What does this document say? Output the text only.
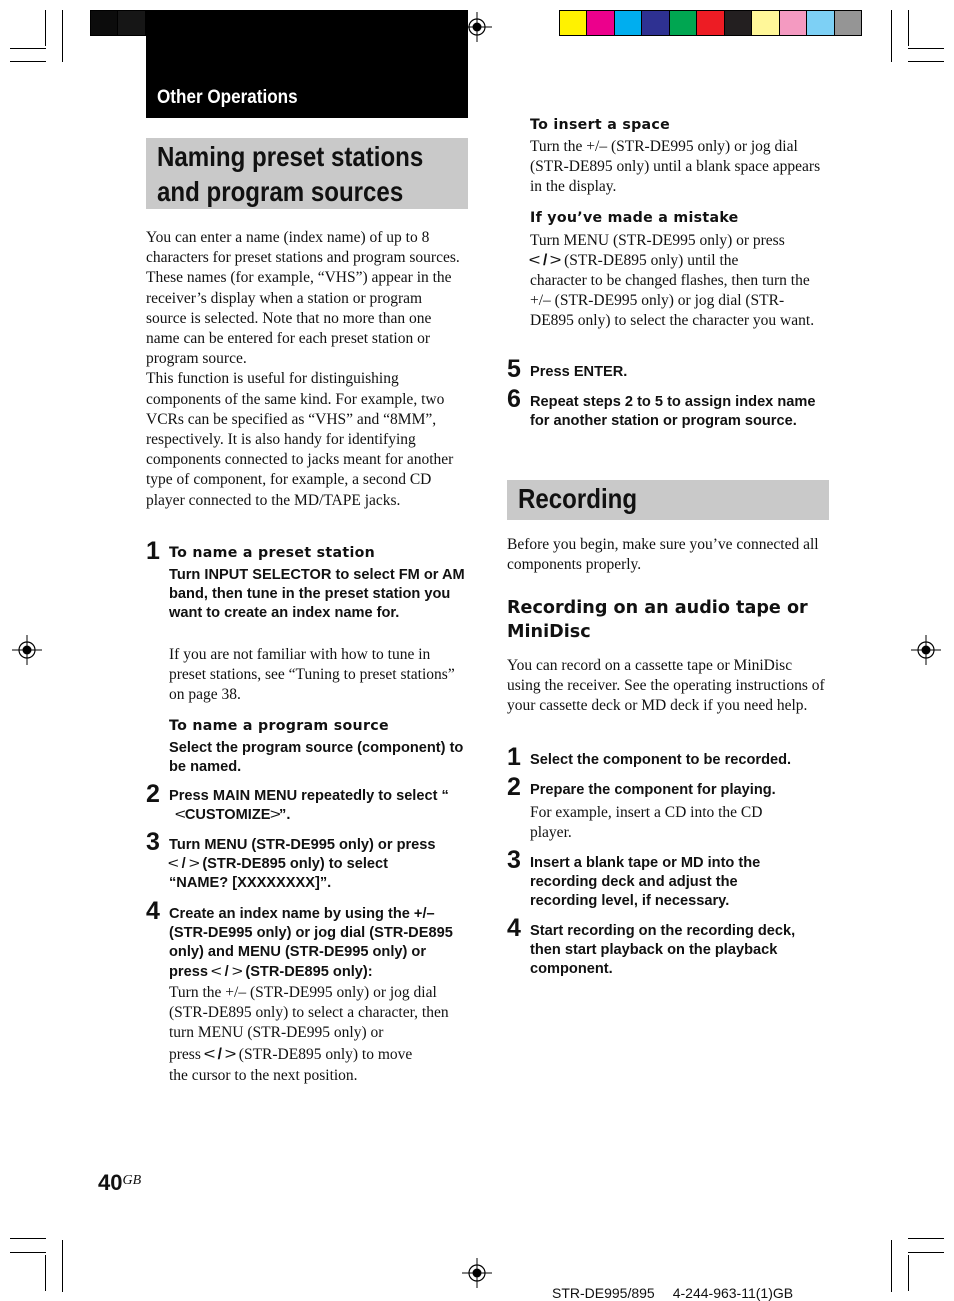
Other Operations
Naming preset stations
and program sources

You can enter a name (index name) of up to 8 characters for preset stations and program sources. These names (for example, “VHS”) appear in the receiver’s display when a station or program source is selected. Note that no more than one name can be entered for each preset station or program source.

This function is useful for distinguishing components of the same kind. For example, two VCRs can be specified as “VHS” and “8MM”, respectively. It is also handy for identifying components connected to jacks meant for another type of component, for example, a second CD player connected to the MD/TAPE jacks.

1 To name a preset station
Turn INPUT SELECTOR to select FM or AM band, then tune in the preset station you want to create an index name for.
If you are not familiar with how to tune in preset stations, see “Tuning to preset stations” on page 38.
To name a program source
Select the program source (component) to be named.
2 Press MAIN MENU repeatedly to select “

<CUSTOMIZE>”.
3 Turn MENU (STR-DE995 only) or press
< / > (STR-DE895 only) to select
“NAME? [XXXXXXXX]”.
4 Create an index name by using the +/– (STR-DE995 only) or jog dial (STR-DE895 only) and MENU (STR-DE995 only) or press < / > (STR-DE895 only):
Turn the +/– (STR-DE995 only) or jog dial (STR-DE895 only) to select a character, then turn MENU (STR-DE995 only) or
press < / > (STR-DE895 only) to move
the cursor to the next position.
To insert a space
Turn the +/– (STR-DE995 only) or jog dial (STR-DE895 only) until a blank space appears in the display.
If you’ve made a mistake
Turn MENU (STR-DE995 only) or press
< / > (STR-DE895 only) until the
character to be changed flashes, then turn the +/– (STR-DE995 only) or jog dial (STR-DE895 only) to select the character you want.
5 Press ENTER.
6 Repeat steps 2 to 5 to assign index name for another station or program source.
Recording
Before you begin, make sure you’ve connected all components properly.
Recording on an audio tape or MiniDisc
You can record on a cassette tape or MiniDisc using the receiver. See the operating instructions of your cassette deck or MD deck if you need help.
1 Select the component to be recorded.
2 Prepare the component for playing.
For example, insert a CD into the CD player.
3 Insert a blank tape or MD into the recording deck and adjust the recording level, if necessary.
4 Start recording on the recording deck, then start playback on the playback component.
40GB
STR-DE995/895 4-244-963-11(1)GB
